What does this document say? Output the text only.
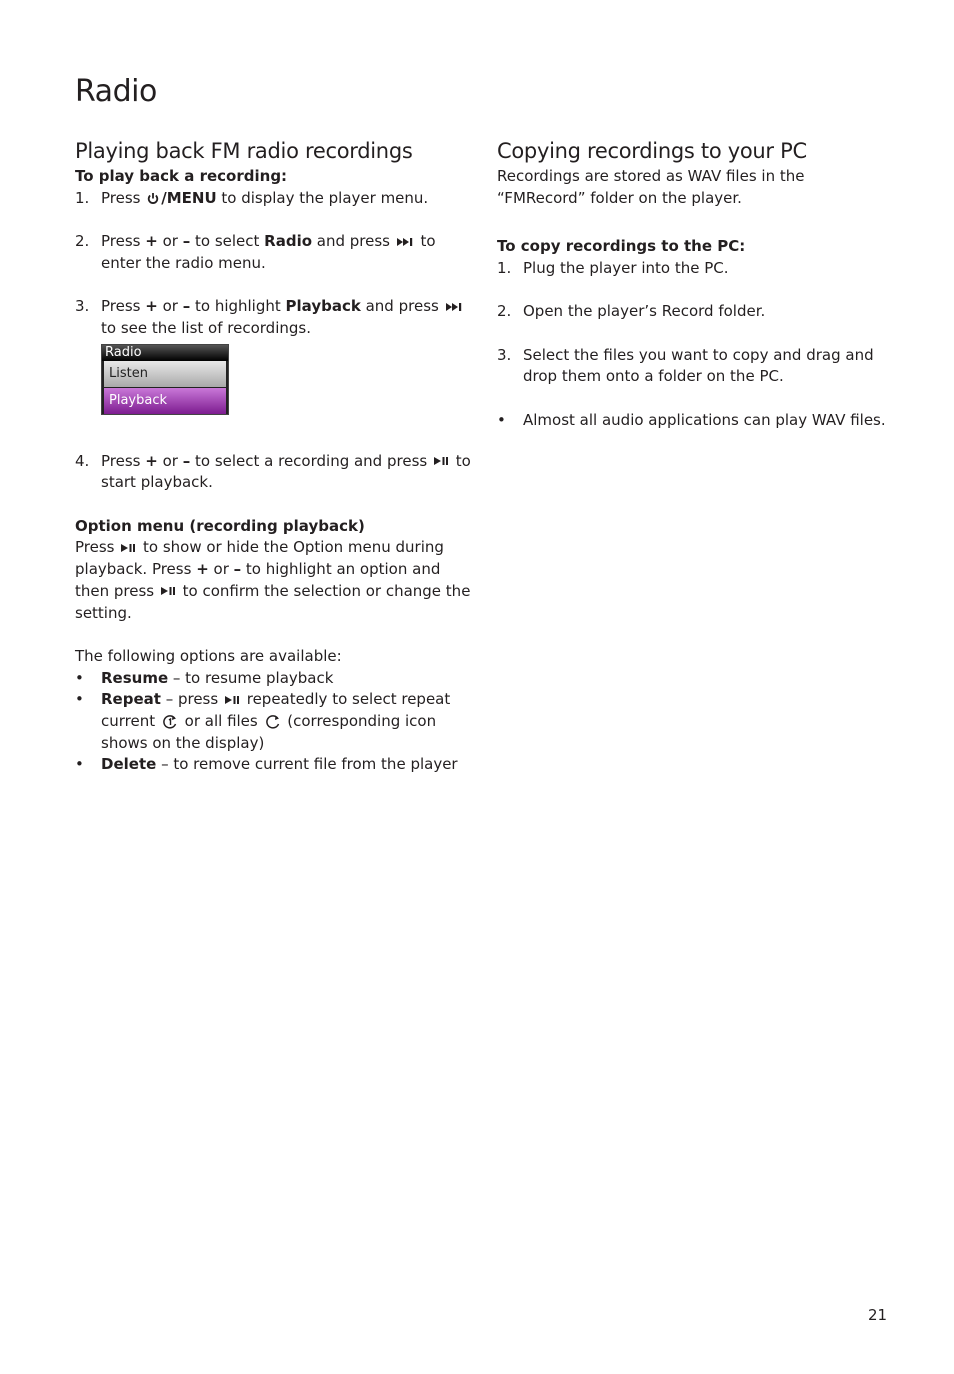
Radio
Playing back FM radio recordings

To play back a recording:

1. Press /MENU to display the player menu.
2. Press + or – to select Radio and press  to enter the radio menu.
3. Press + or – to highlight Playback and press  to see the list of recordings.
Radio
Listen
Playback
4. Press + or – to select a recording and press  to start playback.

Option menu (recording playback)

Press  to show or hide the Option menu during playback. Press + or – to highlight an option and then press  to confirm the selection or change the setting.

The following options are available:

• Resume – to resume playback
• Repeat – press  repeatedly to select repeat current  or all files  (corresponding icon shows on the display)
• Delete – to remove current file from the player
Copying recordings to your PC

Recordings are stored as WAV files in the “FMRecord” folder on the player.

To copy recordings to the PC:

1. Plug the player into the PC.
2. Open the player’s Record folder.
3. Select the files you want to copy and drag and drop them onto a folder on the PC.
• Almost all audio applications can play WAV files.
21
